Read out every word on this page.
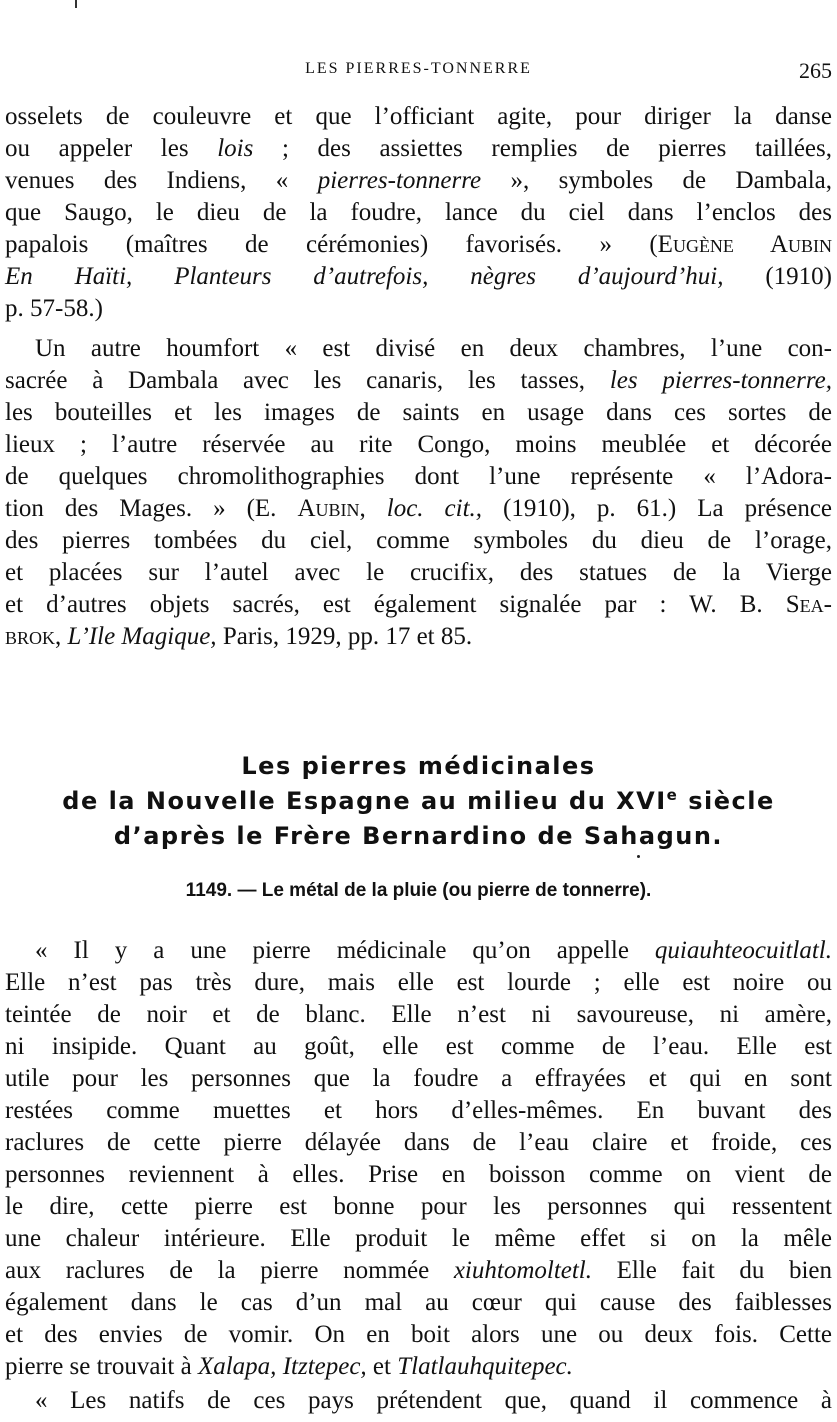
LES PIERRES-TONNERRE	265
osselets de couleuvre et que l’officiant agite, pour diriger la danse
ou appeler les lois ; des assiettes remplies de pierres taillées,
venues des Indiens, « pierres-tonnerre », symboles de Dambala,
que Saugo, le dieu de la foudre, lance du ciel dans l’enclos des
papalois (maîtres de cérémonies) favorisés. » (Eugène Aubin
En Haïti, Planteurs d’autrefois, nègres d’aujourd’hui, (1910)
p. 57-58.)
Un autre houmfort « est divisé en deux chambres, l’une con-
sacrée à Dambala avec les canaris, les tasses, les pierres-tonnerre,
les bouteilles et les images de saints en usage dans ces sortes de
lieux ; l’autre réservée au rite Congo, moins meublée et décorée
de quelques chromolithographies dont l’une représente « l’Adora-
tion des Mages. » (E. Aubin, loc. cit., (1910), p. 61.) La présence
des pierres tombées du ciel, comme symboles du dieu de l’orage,
et placées sur l’autel avec le crucifix, des statues de la Vierge
et d’autres objets sacrés, est également signalée par : W. B. Sea-
brok, L’Ile Magique, Paris, 1929, pp. 17 et 85.
Les pierres médicinales
de la Nouvelle Espagne au milieu du XVIe siècle
d’après le Frère Bernardino de Sahagun.
1149. — Le métal de la pluie (ou pierre de tonnerre).
« Il y a une pierre médicinale qu’on appelle quiauhteocuitlatl.
Elle n’est pas très dure, mais elle est lourde ; elle est noire ou
teintée de noir et de blanc. Elle n’est ni savoureuse, ni amère,
ni insipide. Quant au goût, elle est comme de l’eau. Elle est
utile pour les personnes que la foudre a effrayées et qui en sont
restées comme muettes et hors d’elles-mêmes. En buvant des
raclures de cette pierre délayée dans de l’eau claire et froide, ces
personnes reviennent à elles. Prise en boisson comme on vient de
le dire, cette pierre est bonne pour les personnes qui ressentent
une chaleur intérieure. Elle produit le même effet si on la mêle
aux raclures de la pierre nommée xiuhtomoltetl. Elle fait du bien
également dans le cas d’un mal au cœur qui cause des faiblesses
et des envies de vomir. On en boit alors une ou deux fois. Cette
pierre se trouvait à Xalapa, Itztepec, et Tlatlauhquitepec.
« Les natifs de ces pays prétendent que, quand il commence à
